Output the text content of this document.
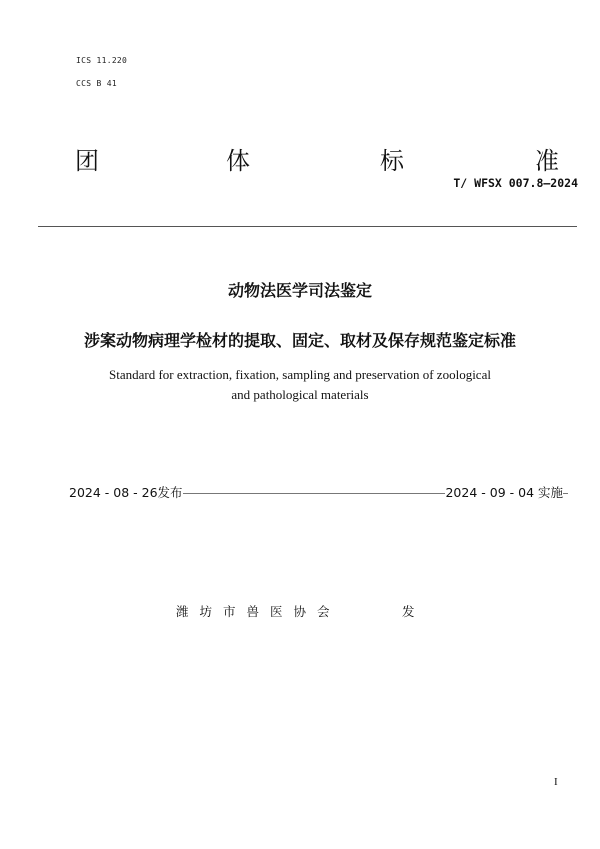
ICS 11.220
CCS B 41
团	体	标	准
T/ WFSX 007.8—2024
动物法医学司法鉴定
涉案动物病理学检材的提取、固定、取材及保存规范鉴定标准
Standard for extraction, fixation, sampling and preservation of zoological
and pathological materials
2024 - 08 - 26发布	2024 - 09 - 04 实施
潍坊市兽医协会	发
I
